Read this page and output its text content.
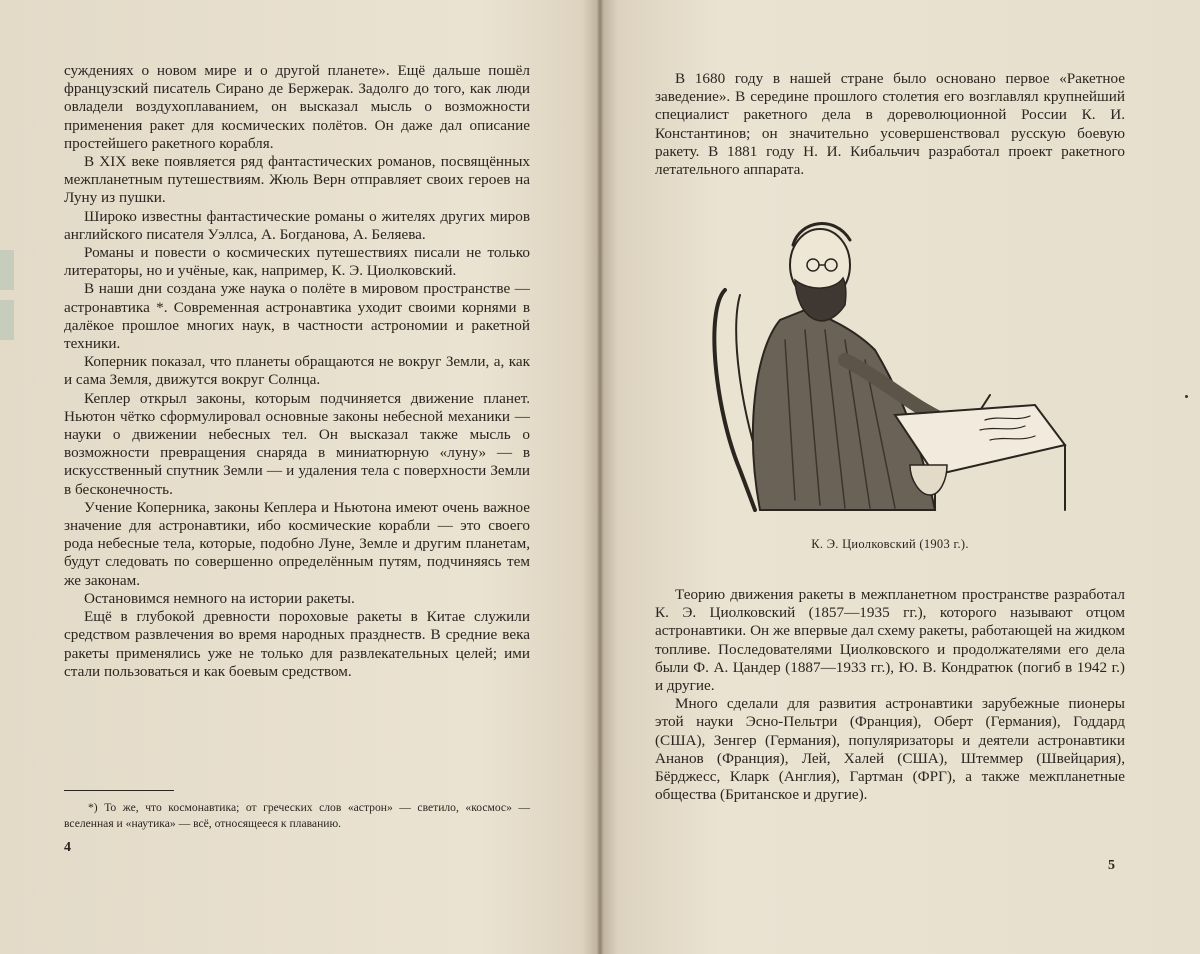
суждениях о новом мире и о другой планете». Ещё дальше пошёл французский писатель Сирано де Бержерак. Задолго до того, как люди овладели воздухоплаванием, он высказал мысль о возможности применения ракет для космических полётов. Он даже дал описание простейшего ракетного корабля.

В XIX веке появляется ряд фантастических романов, посвящённых межпланетным путешествиям. Жюль Верн отправляет своих героев на Луну из пушки.

Широко известны фантастические романы о жителях других миров английского писателя Уэллса, А. Богданова, А. Беляева.

Романы и повести о космических путешествиях писали не только литераторы, но и учёные, как, например, К. Э. Циолковский.

В наши дни создана уже наука о полёте в мировом пространстве — астронавтика *. Современная астронавтика уходит своими корнями в далёкое прошлое многих наук, в частности астрономии и ракетной техники.

Коперник показал, что планеты обращаются не вокруг Земли, а, как и сама Земля, движутся вокруг Солнца.

Кеплер открыл законы, которым подчиняется движение планет. Ньютон чётко сформулировал основные законы небесной механики — науки о движении небесных тел. Он высказал также мысль о возможности превращения снаряда в миниатюрную «луну» — в искусственный спутник Земли — и удаления тела с поверхности Земли в бесконечность.

Учение Коперника, законы Кеплера и Ньютона имеют очень важное значение для астронавтики, ибо космические корабли — это своего рода небесные тела, которые, подобно Луне, Земле и другим планетам, будут следовать по совершенно определённым путям, подчиняясь тем же законам.

Остановимся немного на истории ракеты.

Ещё в глубокой древности пороховые ракеты в Китае служили средством развлечения во время народных празднеств. В средние века ракеты применялись уже не только для развлекательных целей; ими стали пользоваться и как боевым средством.

*) То же, что космонавтика; от греческих слов «астрон» — светило, «космос» — вселенная и «наутика» — всё, относящееся к плаванию.
4

В 1680 году в нашей стране было основано первое «Ракетное заведение». В середине прошлого столетия его возглавлял крупнейший специалист ракетного дела в дореволюционной России К. И. Константинов; он значительно усовершенствовал русскую боевую ракету. В 1881 году Н. И. Кибальчич разработал проект ракетного летательного аппарата.

К. Э. Циолковский (1903 г.).

Теорию движения ракеты в межпланетном пространстве разработал К. Э. Циолковский (1857—1935 гг.), которого называют отцом астронавтики. Он же впервые дал схему ракеты, работающей на жидком топливе. Последователями Циолковского и продолжателями его дела были Ф. А. Цандер (1887—1933 гг.), Ю. В. Кондратюк (погиб в 1942 г.) и другие.

Много сделали для развития астронавтики зарубежные пионеры этой науки Эсно-Пельтри (Франция), Оберт (Германия), Годдард (США), Зенгер (Германия), популяризаторы и деятели астронавтики Ананов (Франция), Лей, Халей (США), Штеммер (Швейцария), Бёрджесс, Кларк (Англия), Гартман (ФРГ), а также межпланетные общества (Британское и другие).

5
